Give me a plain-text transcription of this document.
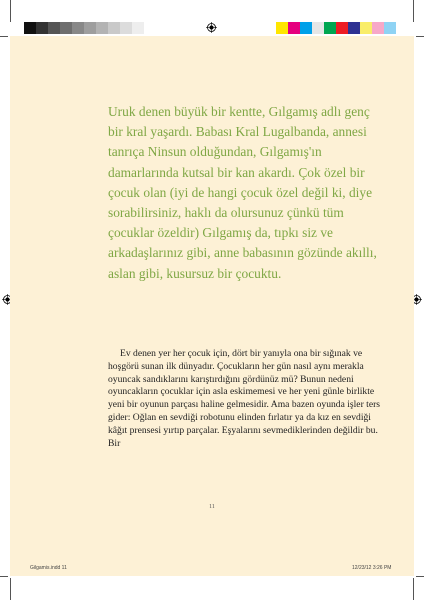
Uruk denen büyük bir kentte, Gılgamış adlı genç bir kral yaşardı. Babası Kral Lugalbanda, annesi tanrıça Ninsun olduğundan, Gılgamış'ın damarlarında kutsal bir kan akardı. Çok özel bir çocuk olan (iyi de hangi çocuk özel değil ki, diye sorabilirsiniz, haklı da olursunuz çünkü tüm çocuklar özeldir) Gılgamış da, tıpkı siz ve arkadaşlarınız gibi, anne babasının gözünde akıllı, aslan gibi, kusursuz bir çocuktu.

Ev denen yer her çocuk için, dört bir yanıyla ona bir sığınak ve hoşgörü sunan ilk dünyadır. Çocukların her gün nasıl aynı merakla oyuncak sandıklarını karıştırdığını gördünüz mü? Bunun nedeni oyuncakların çocuklar için asla eskimemesi ve her yeni günle birlikte yeni bir oyunun parçası haline gelmesidir. Ama bazen oyunda işler ters gider: Oğlan en sevdiği robotunu elinden fırlatır ya da kız en sevdiği kâğıt prensesi yırtıp parçalar. Eşyalarını sevmediklerinden değildir bu. Bir

11
Gilgamis.indd 11	12/23/12 3:26 PM
